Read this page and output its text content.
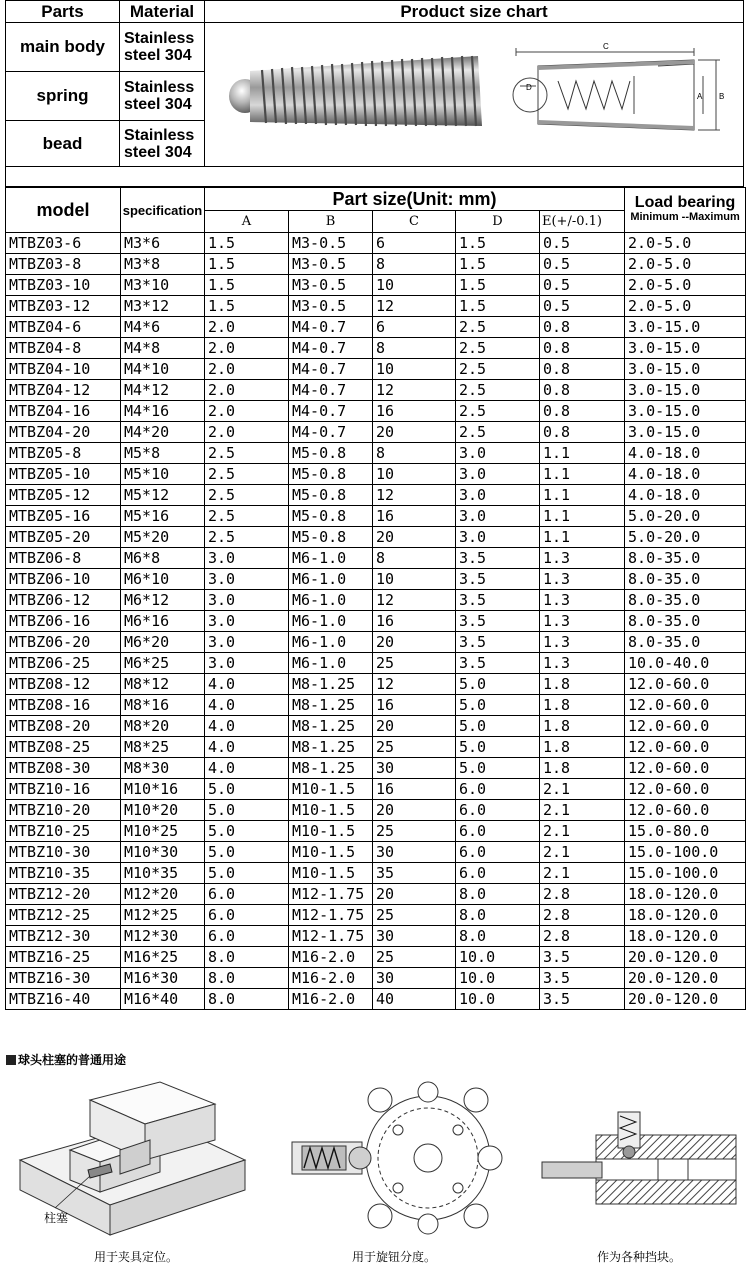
Parts	Material	Product size chart
main body	Stainless
steel 304
spring	Stainless
steel 304
bead	Stainless
steel 304
C
D
A B
model	specification	Part size(Unit: mm)					Load bearing
Minimum --Maximum

		A	B	C	D	E(+/-0.1)	
MTBZ03-6	M3*6	1.5	M3-0.5	6	1.5	0.5	2.0-5.0
MTBZ03-8	M3*8	1.5	M3-0.5	8	1.5	0.5	2.0-5.0
MTBZ03-10	M3*10	1.5	M3-0.5	10	1.5	0.5	2.0-5.0
MTBZ03-12	M3*12	1.5	M3-0.5	12	1.5	0.5	2.0-5.0
MTBZ04-6	M4*6	2.0	M4-0.7	6	2.5	0.8	3.0-15.0
MTBZ04-8	M4*8	2.0	M4-0.7	8	2.5	0.8	3.0-15.0
MTBZ04-10	M4*10	2.0	M4-0.7	10	2.5	0.8	3.0-15.0
MTBZ04-12	M4*12	2.0	M4-0.7	12	2.5	0.8	3.0-15.0
MTBZ04-16	M4*16	2.0	M4-0.7	16	2.5	0.8	3.0-15.0
MTBZ04-20	M4*20	2.0	M4-0.7	20	2.5	0.8	3.0-15.0
MTBZ05-8	M5*8	2.5	M5-0.8	8	3.0	1.1	4.0-18.0
MTBZ05-10	M5*10	2.5	M5-0.8	10	3.0	1.1	4.0-18.0
MTBZ05-12	M5*12	2.5	M5-0.8	12	3.0	1.1	4.0-18.0
MTBZ05-16	M5*16	2.5	M5-0.8	16	3.0	1.1	5.0-20.0
MTBZ05-20	M5*20	2.5	M5-0.8	20	3.0	1.1	5.0-20.0
MTBZ06-8	M6*8	3.0	M6-1.0	8	3.5	1.3	8.0-35.0
MTBZ06-10	M6*10	3.0	M6-1.0	10	3.5	1.3	8.0-35.0
MTBZ06-12	M6*12	3.0	M6-1.0	12	3.5	1.3	8.0-35.0
MTBZ06-16	M6*16	3.0	M6-1.0	16	3.5	1.3	8.0-35.0
MTBZ06-20	M6*20	3.0	M6-1.0	20	3.5	1.3	8.0-35.0
MTBZ06-25	M6*25	3.0	M6-1.0	25	3.5	1.3	10.0-40.0
MTBZ08-12	M8*12	4.0	M8-1.25	12	5.0	1.8	12.0-60.0
MTBZ08-16	M8*16	4.0	M8-1.25	16	5.0	1.8	12.0-60.0
MTBZ08-20	M8*20	4.0	M8-1.25	20	5.0	1.8	12.0-60.0
MTBZ08-25	M8*25	4.0	M8-1.25	25	5.0	1.8	12.0-60.0
MTBZ08-30	M8*30	4.0	M8-1.25	30	5.0	1.8	12.0-60.0
MTBZ10-16	M10*16	5.0	M10-1.5	16	6.0	2.1	12.0-60.0
MTBZ10-20	M10*20	5.0	M10-1.5	20	6.0	2.1	12.0-60.0
MTBZ10-25	M10*25	5.0	M10-1.5	25	6.0	2.1	15.0-80.0
MTBZ10-30	M10*30	5.0	M10-1.5	30	6.0	2.1	15.0-100.0
MTBZ10-35	M10*35	5.0	M10-1.5	35	6.0	2.1	15.0-100.0
MTBZ12-20	M12*20	6.0	M12-1.75	20	8.0	2.8	18.0-120.0
MTBZ12-25	M12*25	6.0	M12-1.75	25	8.0	2.8	18.0-120.0
MTBZ12-30	M12*30	6.0	M12-1.75	30	8.0	2.8	18.0-120.0
MTBZ16-25	M16*25	8.0	M16-2.0	25	10.0	3.5	20.0-120.0
MTBZ16-30	M16*30	8.0	M16-2.0	30	10.0	3.5	20.0-120.0
MTBZ16-40	M16*40	8.0	M16-2.0	40	10.0	3.5	20.0-120.0
球头柱塞的普通用途
柱塞
用于夹具定位。	用于旋钮分度。	作为各种挡块。
